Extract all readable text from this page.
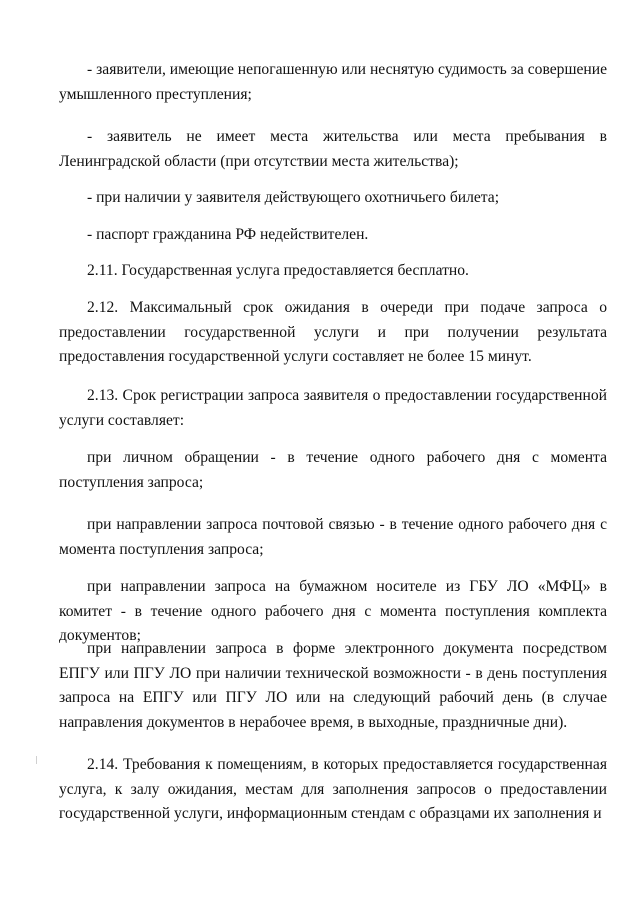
- заявители, имеющие непогашенную или неснятую судимость за совершение умышленного преступления;

- заявитель не имеет места жительства или места пребывания в Ленинградской области (при отсутствии места жительства);

- при наличии у заявителя действующего охотничьего билета;

- паспорт гражданина РФ недействителен.

2.11. Государственная услуга предоставляется бесплатно.

2.12. Максимальный срок ожидания в очереди при подаче запроса о предоставлении государственной услуги и при получении результата предоставления государственной услуги составляет не более 15 минут.

2.13. Срок регистрации запроса заявителя о предоставлении государственной услуги составляет:

при личном обращении - в течение одного рабочего дня с момента поступления запроса;

при направлении запроса почтовой связью - в течение одного рабочего дня с момента поступления запроса;

при направлении запроса на бумажном носителе из ГБУ ЛО «МФЦ» в комитет - в течение одного рабочего дня с момента поступления комплекта документов;

при направлении запроса в форме электронного документа посредством ЕПГУ или ПГУ ЛО при наличии технической возможности - в день поступления запроса на ЕПГУ или ПГУ ЛО или на следующий рабочий день (в случае направления документов в нерабочее время, в выходные, праздничные дни).

2.14. Требования к помещениям, в которых предоставляется государственная услуга, к залу ожидания, местам для заполнения запросов о предоставлении государственной услуги, информационным стендам с образцами их заполнения и
